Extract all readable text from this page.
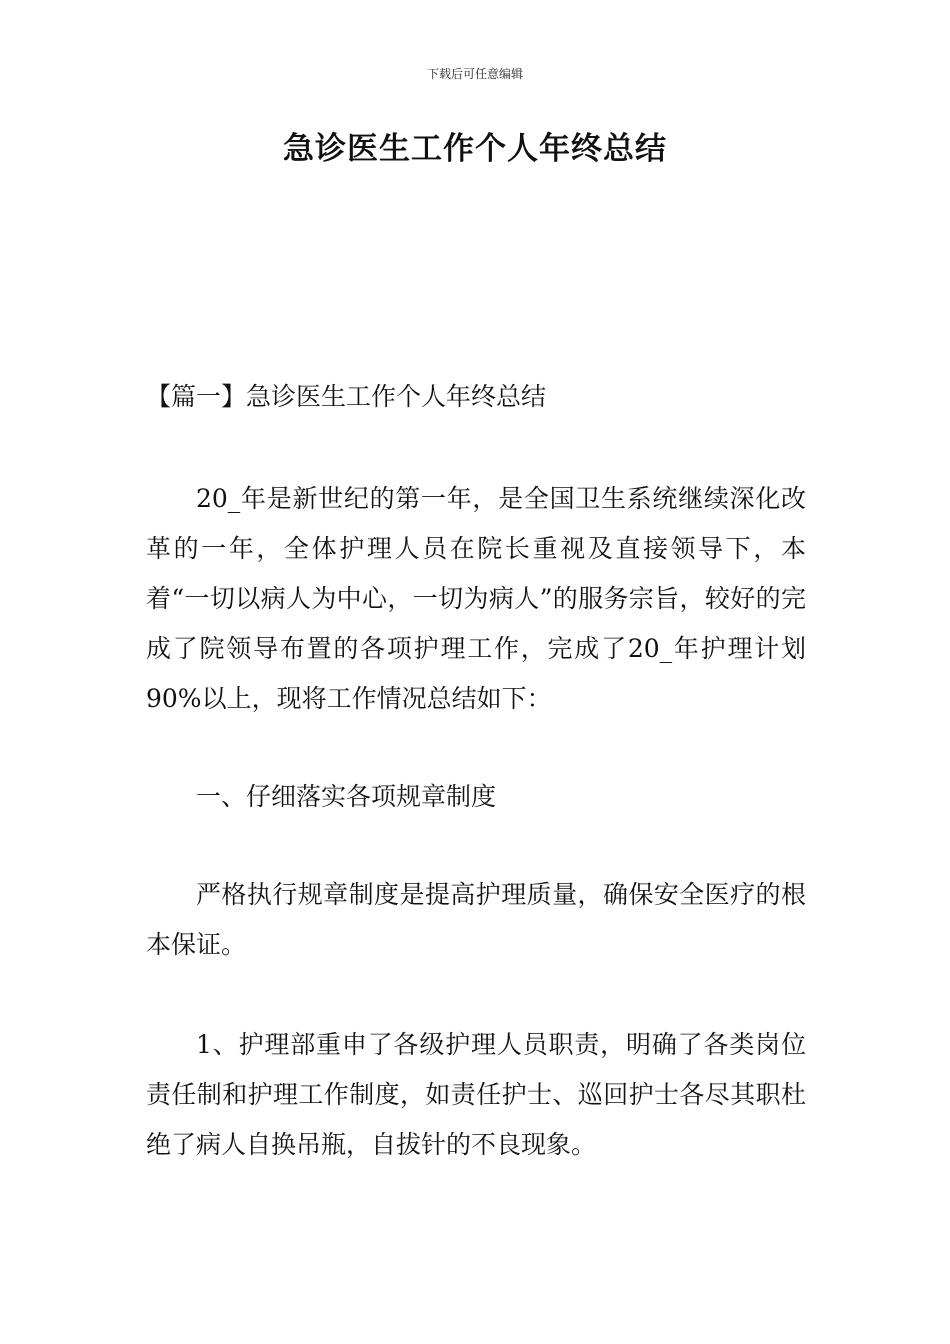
下载后可任意编辑
急诊医生工作个人年终总结

【篇一】急诊医生工作个人年终总结

20_年是新世纪的第一年，是全国卫生系统继续深化改革的一年，全体护理人员在院长重视及直接领导下，本着“一切以病人为中心，一切为病人”的服务宗旨，较好的完成了院领导布置的各项护理工作，完成了20_年护理计划90%以上，现将工作情况总结如下：

一、仔细落实各项规章制度

严格执行规章制度是提高护理质量，确保安全医疗的根本保证。

1、护理部重申了各级护理人员职责，明确了各类岗位责任制和护理工作制度，如责任护士、巡回护士各尽其职杜绝了病人自换吊瓶，自拔针的不良现象。
